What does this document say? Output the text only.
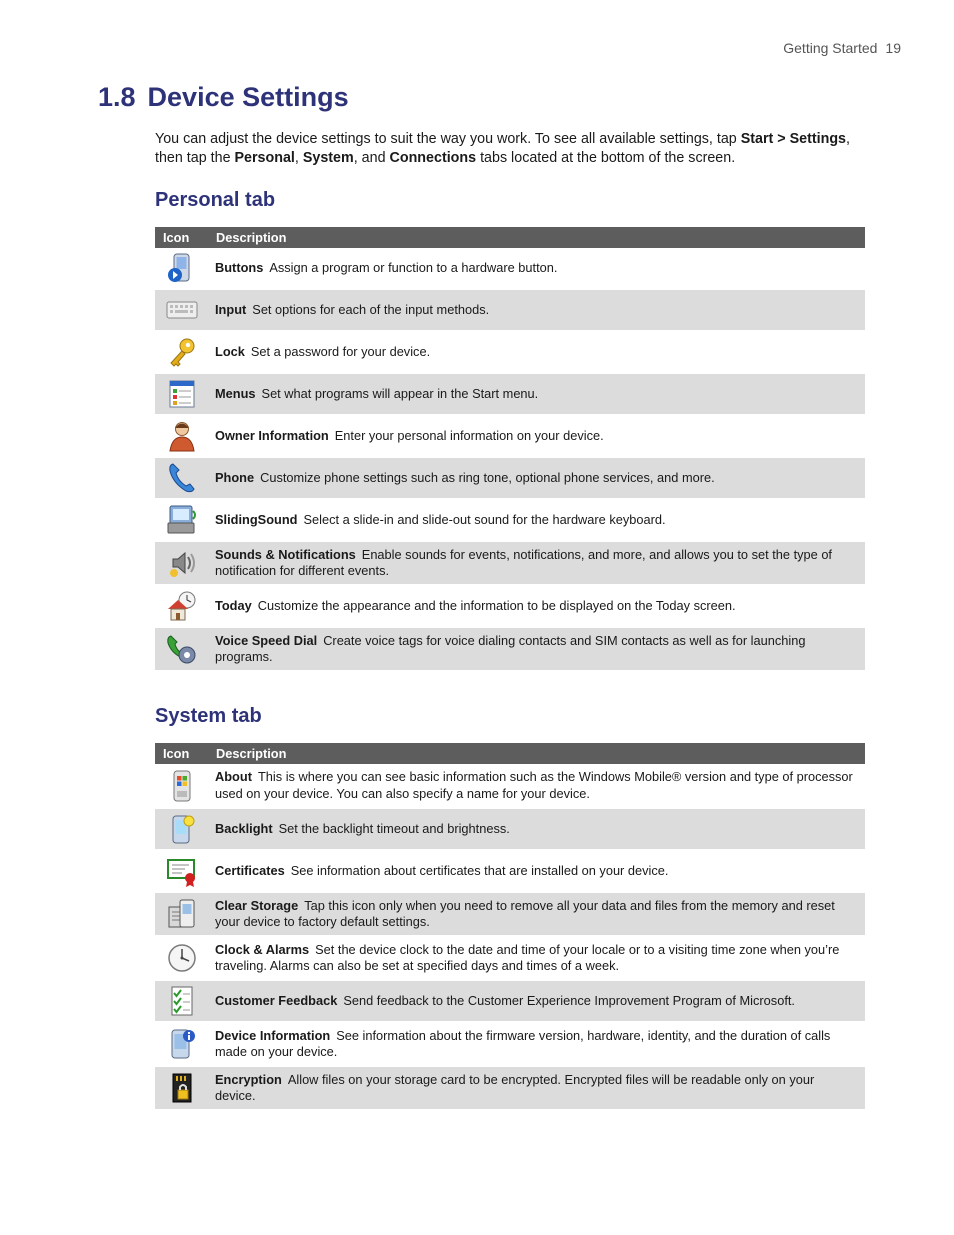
Getting Started 19
1.8 Device Settings

You can adjust the device settings to suit the way you work. To see all available settings, tap Start > Settings, then tap the Personal, System, and Connections tabs located at the bottom of the screen.

Personal tab
Icon	Description
	Buttons Assign a program or function to a hardware button.
	Input Set options for each of the input methods.
	Lock Set a password for your device.
	Menus Set what programs will appear in the Start menu.
	Owner Information Enter your personal information on your device.
	Phone Customize phone settings such as ring tone, optional phone services, and more.
	SlidingSound Select a slide-in and slide-out sound for the hardware keyboard.
	Sounds & Notifications Enable sounds for events, notifications, and more, and allows you to set the type of notification for different events.
	Today Customize the appearance and the information to be displayed on the Today screen.
	Voice Speed Dial Create voice tags for voice dialing contacts and SIM contacts as well as for launching programs.
System tab
Icon	Description
	About This is where you can see basic information such as the Windows Mobile® version and type of processor used on your device. You can also specify a name for your device.
	Backlight Set the backlight timeout and brightness.
	Certificates See information about certificates that are installed on your device.
	Clear Storage Tap this icon only when you need to remove all your data and files from the memory and reset your device to factory default settings.
	Clock & Alarms Set the device clock to the date and time of your locale or to a visiting time zone when you’re traveling. Alarms can also be set at specified days and times of a week.
	Customer Feedback Send feedback to the Customer Experience Improvement Program of Microsoft.
	Device Information See information about the firmware version, hardware, identity, and the duration of calls made on your device.
	Encryption Allow files on your storage card to be encrypted. Encrypted files will be readable only on your device.
